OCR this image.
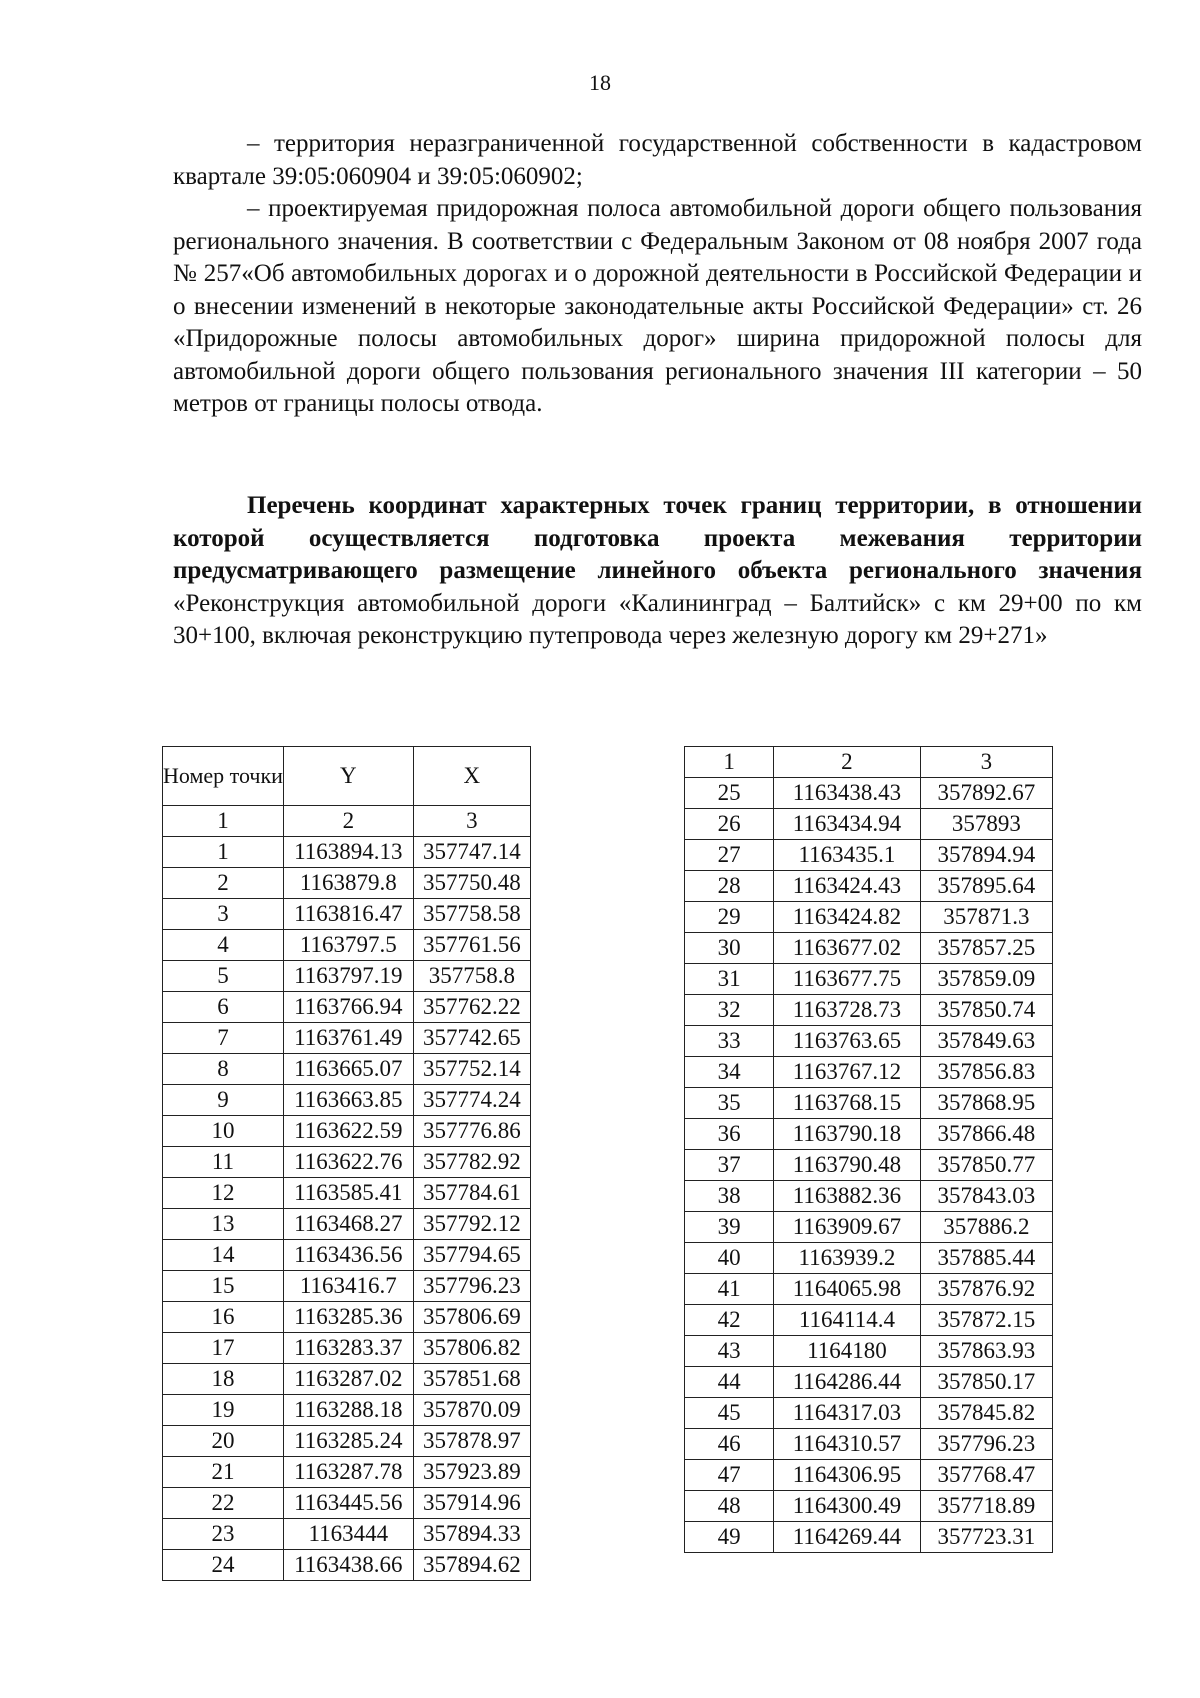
18

– территория неразграниченной государственной собственности в кадастровом квартале 39:05:060904 и 39:05:060902;

– проектируемая придорожная полоса автомобильной дороги общего пользования регионального значения. В соответствии с Федеральным Законом от 08 ноября 2007 года № 257«Об автомобильных дорогах и о дорожной деятельности в Российской Федерации и о внесении изменений в некоторые законодательные акты Российской Федерации» ст. 26 «Придорожные полосы автомобильных дорог» ширина придорожной полосы для автомобильной дороги общего пользования регионального значения III категории – 50 метров от границы полосы отвода.

Перечень координат характерных точек границ территории, в отношении которой осуществляется подготовка проекта межевания территории предусматривающего размещение линейного объекта регионального значения «Реконструкция автомобильной дороги «Калининград – Балтийск» с км 29+00 по км 30+100, включая реконструкцию путепровода через железную дорогу км 29+271»

Номер точки	Y	X
1	2	3
1	1163894.13	357747.14
2	1163879.8	357750.48
3	1163816.47	357758.58
4	1163797.5	357761.56
5	1163797.19	357758.8
6	1163766.94	357762.22
7	1163761.49	357742.65
8	1163665.07	357752.14
9	1163663.85	357774.24
10	1163622.59	357776.86
11	1163622.76	357782.92
12	1163585.41	357784.61
13	1163468.27	357792.12
14	1163436.56	357794.65
15	1163416.7	357796.23
16	1163285.36	357806.69
17	1163283.37	357806.82
18	1163287.02	357851.68
19	1163288.18	357870.09
20	1163285.24	357878.97
21	1163287.78	357923.89
22	1163445.56	357914.96
23	1163444	357894.33
24	1163438.66	357894.62
1	2	3
25	1163438.43	357892.67
26	1163434.94	357893
27	1163435.1	357894.94
28	1163424.43	357895.64
29	1163424.82	357871.3
30	1163677.02	357857.25
31	1163677.75	357859.09
32	1163728.73	357850.74
33	1163763.65	357849.63
34	1163767.12	357856.83
35	1163768.15	357868.95
36	1163790.18	357866.48
37	1163790.48	357850.77
38	1163882.36	357843.03
39	1163909.67	357886.2
40	1163939.2	357885.44
41	1164065.98	357876.92
42	1164114.4	357872.15
43	1164180	357863.93
44	1164286.44	357850.17
45	1164317.03	357845.82
46	1164310.57	357796.23
47	1164306.95	357768.47
48	1164300.49	357718.89
49	1164269.44	357723.31
